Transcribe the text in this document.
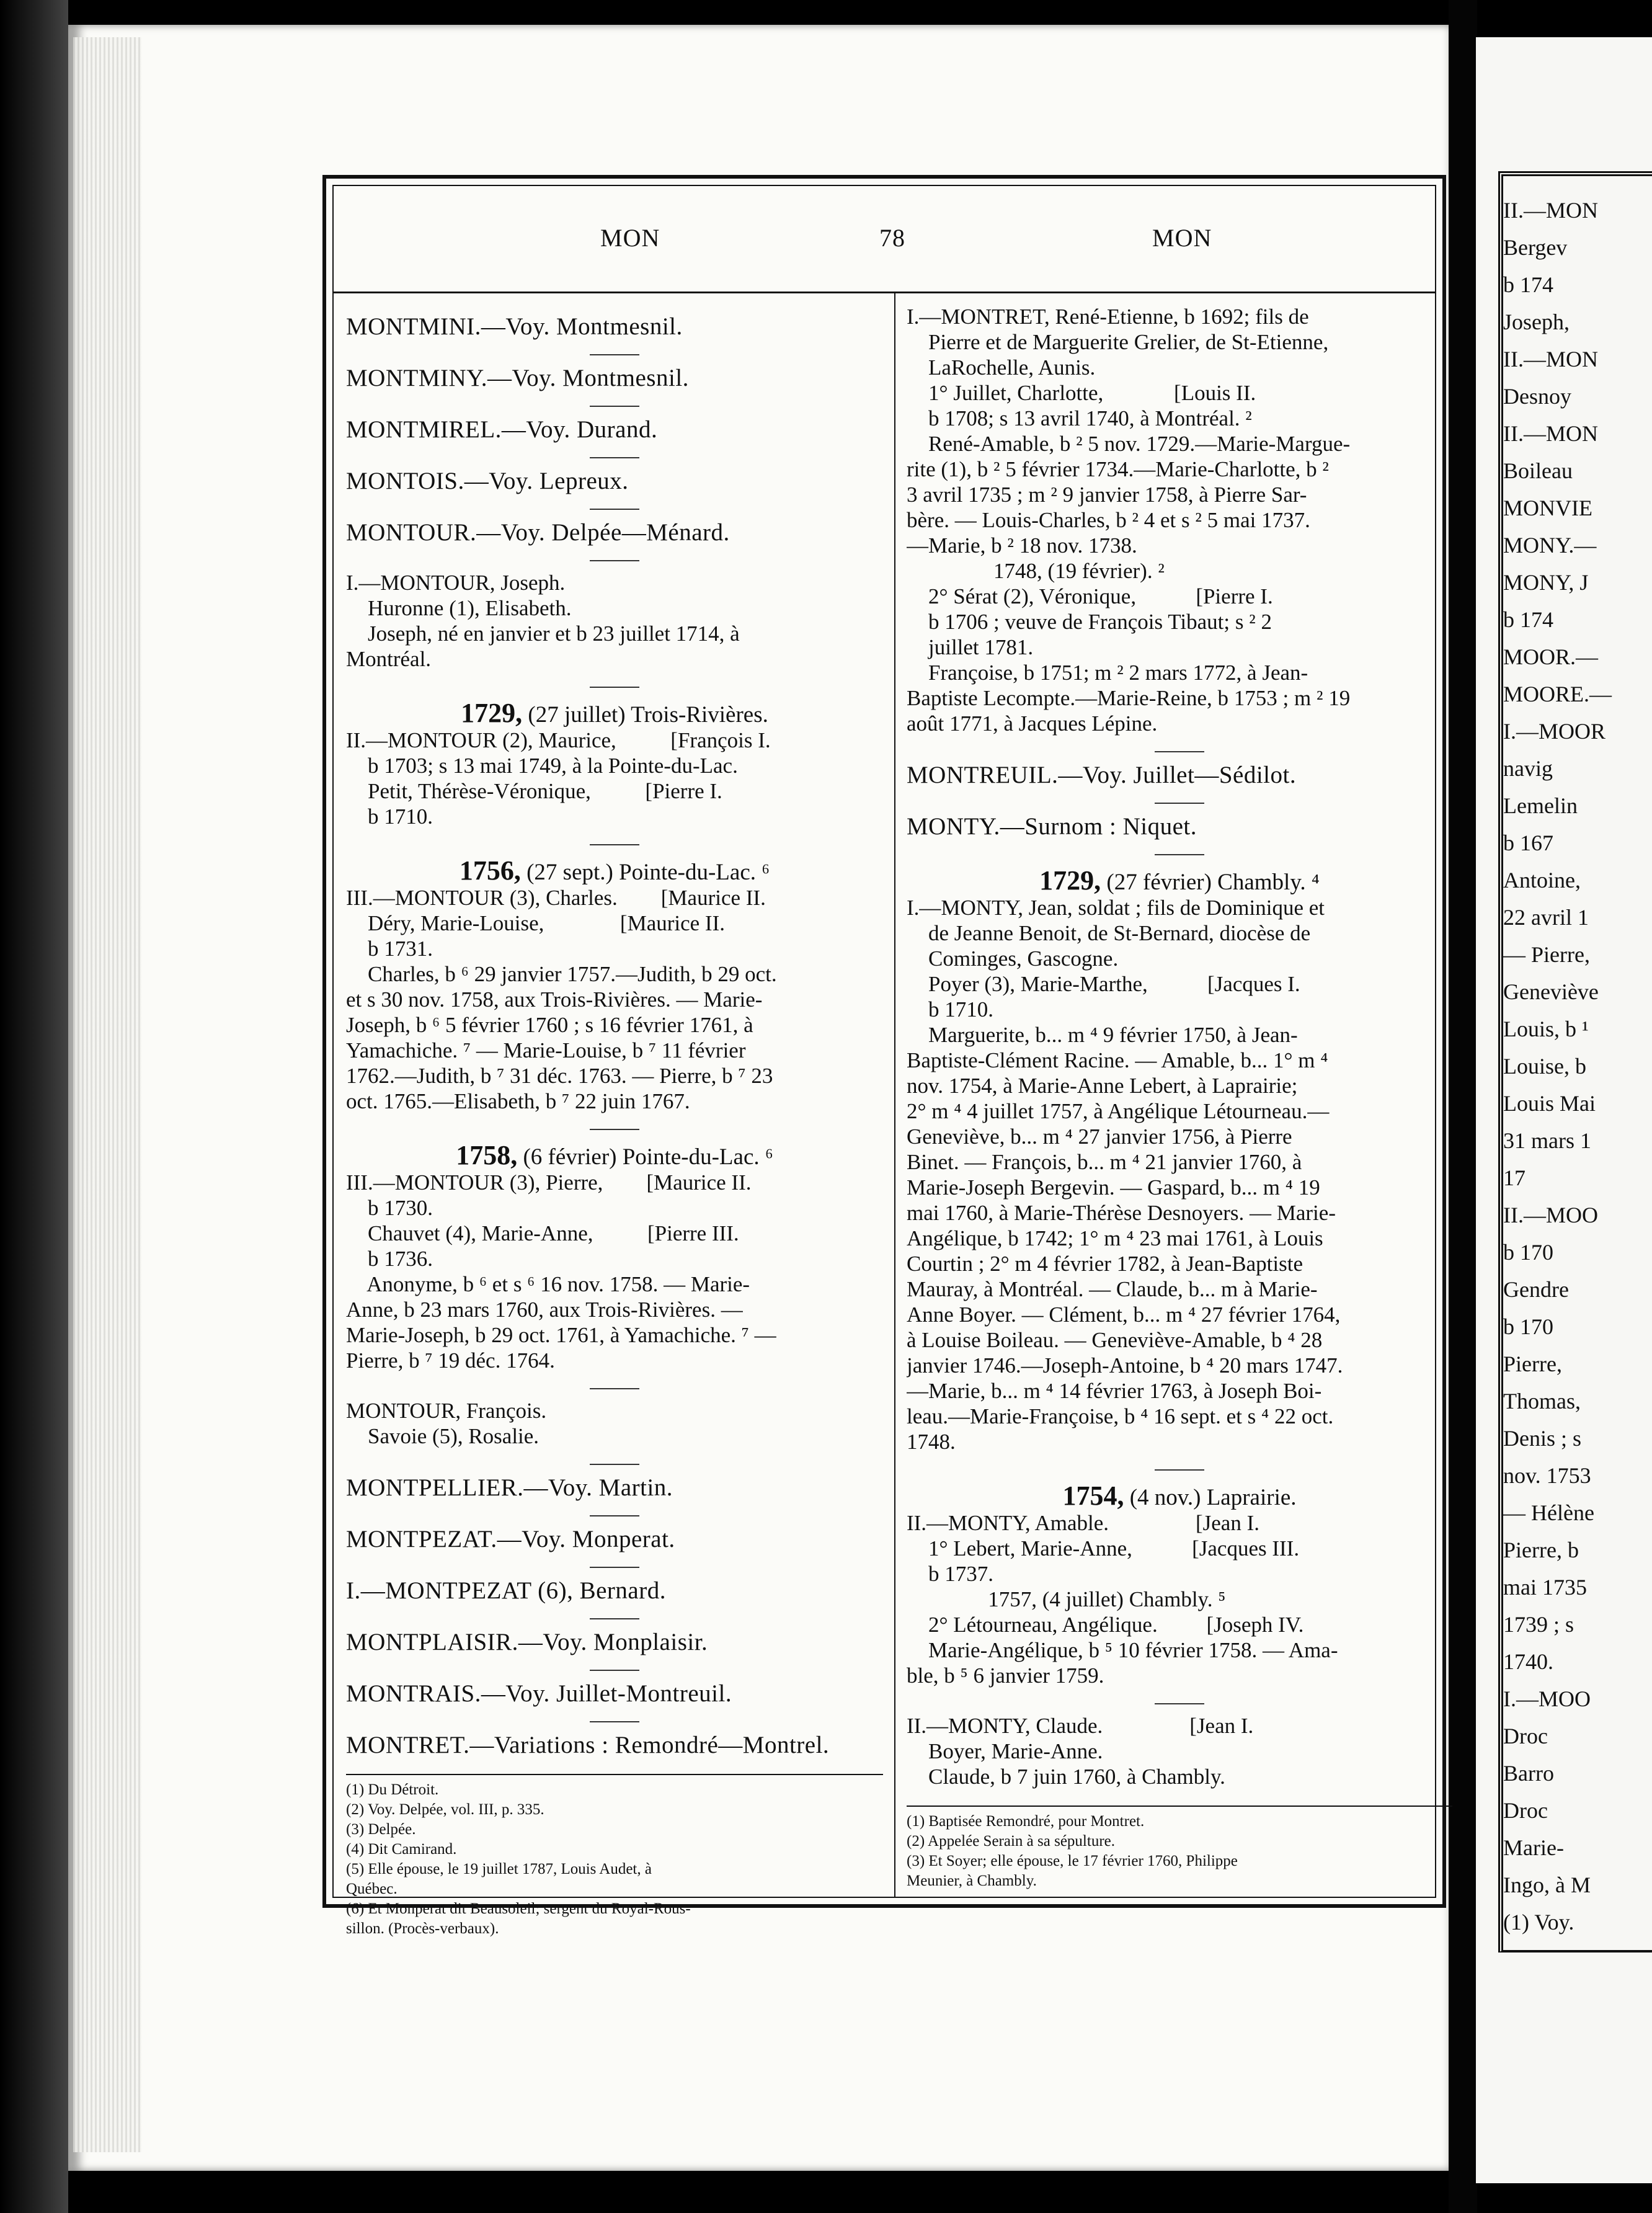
II.—MON
Bergev
b 174
Joseph,
II.—MON
Desnoy
II.—MON
Boileau
MONVIE
MONY.—
MONY, J
b 174
MOOR.—
MOORE.—
I.—MOOR
navig
Lemelin
b 167
Antoine,
22 avril 1
— Pierre,
Geneviève
Louis, b ¹
Louise, b
Louis Mai
31 mars 1
17
II.—MOO
b 170
Gendre
b 170
Pierre,
Thomas,
Denis ; s
nov. 1753
— Hélène
Pierre, b
mai 1735
1739 ; s
1740.
I.—MOO
Droc
Barro
Droc
Marie-
Ingo, à M
(1) Voy.
MON	78	MON
MONTMINI.—Voy. Montmesnil.
MONTMINY.—Voy. Montmesnil.
MONTMIREL.—Voy. Durand.
MONTOIS.—Voy. Lepreux.
MONTOUR.—Voy. Delpée—Ménard.
I.—MONTOUR, Joseph.
Huronne (1), Elisabeth.
Joseph, né en janvier et b 23 juillet 1714, à
Montréal.
1729, (27 juillet) Trois-Rivières.
II.—MONTOUR (2), Maurice,          [François I.
b 1703; s 13 mai 1749, à la Pointe-du-Lac.
Petit, Thérèse-Véronique,          [Pierre I.
b 1710.
1756, (27 sept.) Pointe-du-Lac. ⁶
III.—MONTOUR (3), Charles.        [Maurice II.
Déry, Marie-Louise,              [Maurice II.
b 1731.
Charles, b ⁶ 29 janvier 1757.—Judith, b 29 oct.
et s 30 nov. 1758, aux Trois-Rivières. — Marie-
Joseph, b ⁶ 5 février 1760 ; s 16 février 1761, à
Yamachiche. ⁷ — Marie-Louise, b ⁷ 11 février
1762.—Judith, b ⁷ 31 déc. 1763. — Pierre, b ⁷ 23
oct. 1765.—Elisabeth, b ⁷ 22 juin 1767.
1758, (6 février) Pointe-du-Lac. ⁶
III.—MONTOUR (3), Pierre,        [Maurice II.
b 1730.
Chauvet (4), Marie-Anne,          [Pierre III.
b 1736.
Anonyme, b ⁶ et s ⁶ 16 nov. 1758. — Marie-
Anne, b 23 mars 1760, aux Trois-Rivières. —
Marie-Joseph, b 29 oct. 1761, à Yamachiche. ⁷ —
Pierre, b ⁷ 19 déc. 1764.
MONTOUR, François.
Savoie (5), Rosalie.
MONTPELLIER.—Voy. Martin.
MONTPEZAT.—Voy. Monperat.
I.—MONTPEZAT (6), Bernard.
MONTPLAISIR.—Voy. Monplaisir.
MONTRAIS.—Voy. Juillet-Montreuil.
MONTRET.—Variations : Remondré—Montrel.
(1) Du Détroit.
(2) Voy. Delpée, vol. III, p. 335.
(3) Delpée.
(4) Dit Camirand.
(5) Elle épouse, le 19 juillet 1787, Louis Audet, à
Québec.
(6) Et Monperat dit Beausoleil; sergent du Royal-Rous-
sillon. (Procès-verbaux).
I.—MONTRET, René-Etienne, b 1692; fils de
Pierre et de Marguerite Grelier, de St-Etienne,
LaRochelle, Aunis.
1° Juillet, Charlotte,             [Louis II.
b 1708; s 13 avril 1740, à Montréal. ²
René-Amable, b ² 5 nov. 1729.—Marie-Margue-
rite (1), b ² 5 février 1734.—Marie-Charlotte, b ²
3 avril 1735 ; m ² 9 janvier 1758, à Pierre Sar-
bère. — Louis-Charles, b ² 4 et s ² 5 mai 1737.
—Marie, b ² 18 nov. 1738.
1748, (19 février). ²
2° Sérat (2), Véronique,           [Pierre I.
b 1706 ; veuve de François Tibaut; s ² 2
juillet 1781.
Françoise, b 1751; m ² 2 mars 1772, à Jean-
Baptiste Lecompte.—Marie-Reine, b 1753 ; m ² 19
août 1771, à Jacques Lépine.
MONTREUIL.—Voy. Juillet—Sédilot.
MONTY.—Surnom : Niquet.
1729, (27 février) Chambly. ⁴
I.—MONTY, Jean, soldat ; fils de Dominique et
de Jeanne Benoit, de St-Bernard, diocèse de
Cominges, Gascogne.
Poyer (3), Marie-Marthe,           [Jacques I.
b 1710.
Marguerite, b... m ⁴ 9 février 1750, à Jean-
Baptiste-Clément Racine. — Amable, b... 1° m ⁴
nov. 1754, à Marie-Anne Lebert, à Laprairie;
2° m ⁴ 4 juillet 1757, à Angélique Létourneau.—
Geneviève, b... m ⁴ 27 janvier 1756, à Pierre
Binet. — François, b... m ⁴ 21 janvier 1760, à
Marie-Joseph Bergevin. — Gaspard, b... m ⁴ 19
mai 1760, à Marie-Thérèse Desnoyers. — Marie-
Angélique, b 1742; 1° m ⁴ 23 mai 1761, à Louis
Courtin ; 2° m 4 février 1782, à Jean-Baptiste
Mauray, à Montréal. — Claude, b... m à Marie-
Anne Boyer. — Clément, b... m ⁴ 27 février 1764,
à Louise Boileau. — Geneviève-Amable, b ⁴ 28
janvier 1746.—Joseph-Antoine, b ⁴ 20 mars 1747.
—Marie, b... m ⁴ 14 février 1763, à Joseph Boi-
leau.—Marie-Françoise, b ⁴ 16 sept. et s ⁴ 22 oct.
1748.
1754, (4 nov.) Laprairie.
II.—MONTY, Amable.                [Jean I.
1° Lebert, Marie-Anne,           [Jacques III.
b 1737.
1757, (4 juillet) Chambly. ⁵
2° Létourneau, Angélique.         [Joseph IV.
Marie-Angélique, b ⁵ 10 février 1758. — Ama-
ble, b ⁵ 6 janvier 1759.
II.—MONTY, Claude.                [Jean I.
Boyer, Marie-Anne.
Claude, b 7 juin 1760, à Chambly.
(1) Baptisée Remondré, pour Montret.
(2) Appelée Serain à sa sépulture.
(3) Et Soyer; elle épouse, le 17 février 1760, Philippe
Meunier, à Chambly.
